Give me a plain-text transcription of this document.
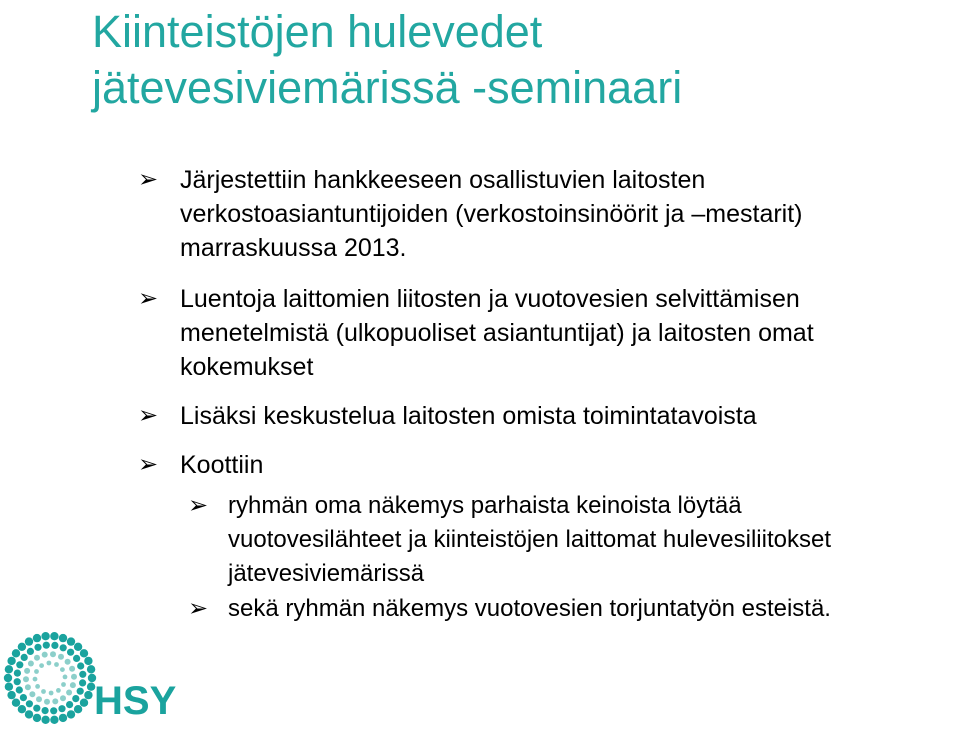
Kiinteistöjen hulevedet
jätevesiviemärissä -seminaari
➢ Järjestettiin hankkeeseen osallistuvien laitosten
verkostoasiantuntijoiden (verkostoinsinöörit ja –mestarit)
marraskuussa 2013.
➢ Luentoja laittomien liitosten ja vuotovesien selvittämisen
menetelmistä (ulkopuoliset asiantuntijat) ja laitosten omat
kokemukset
➢ Lisäksi keskustelua laitosten omista toimintatavoista
➢ Koottiin
➢ ryhmän oma näkemys parhaista keinoista löytää
vuotovesilähteet ja kiinteistöjen laittomat hulevesiliitokset
jätevesiviemärissä
➢ sekä ryhmän näkemys vuotovesien torjuntatyön esteistä.
HSY
